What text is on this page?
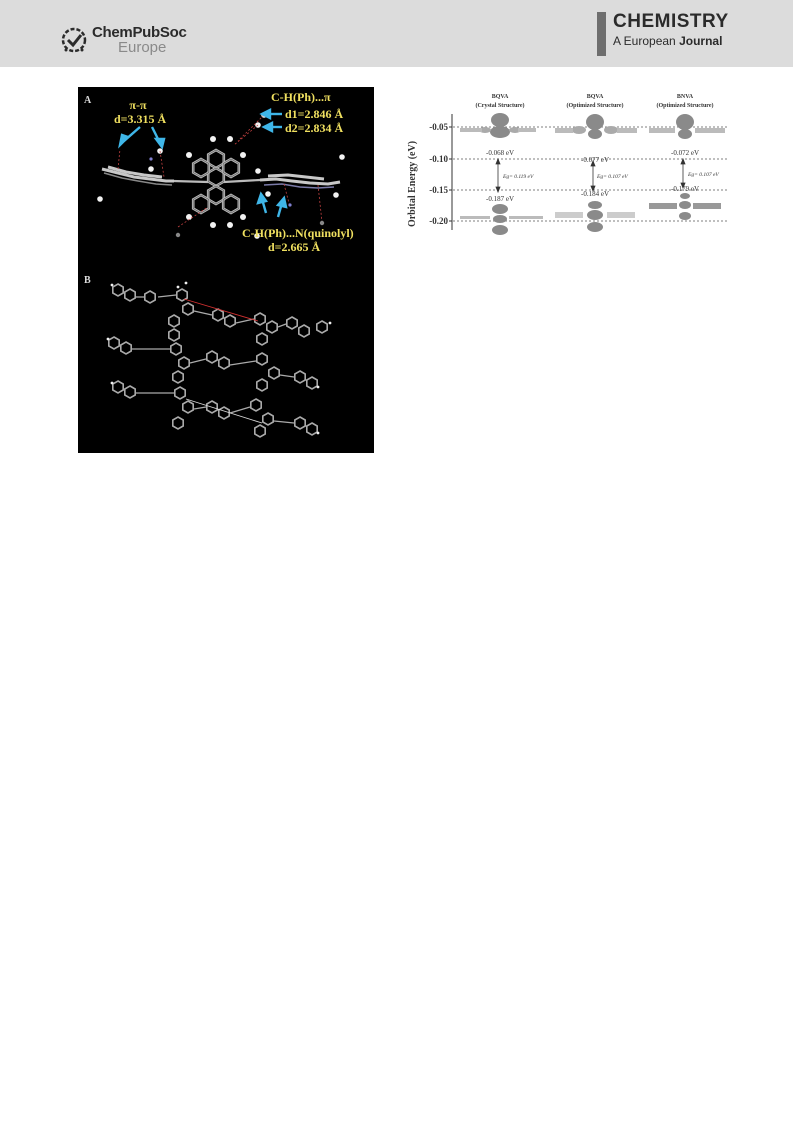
ChemPubSoc
Europe
CHEMISTRY
A European Journal
A	π-π
d=3.315 Å
C-H(Ph)...π
d1=2.846 Å
d2=2.834 Å
C-H(Ph)...N(quinolyl)
d=2.665 Å
B
Orbital Energy (eV)
-0.05
-0.10
-0.15
-0.20
BQVA
(Crystal Structure)
BQVA
(Optimized Structure)
BNVA
(Optimized Structure)
-0.068 eV
-0.187 eV
Eg= 0.119 eV
-0.077 eV
-0.184 eV
Eg= 0.107 eV
-0.072 eV
-0.179 eV
Eg= 0.107 eV
